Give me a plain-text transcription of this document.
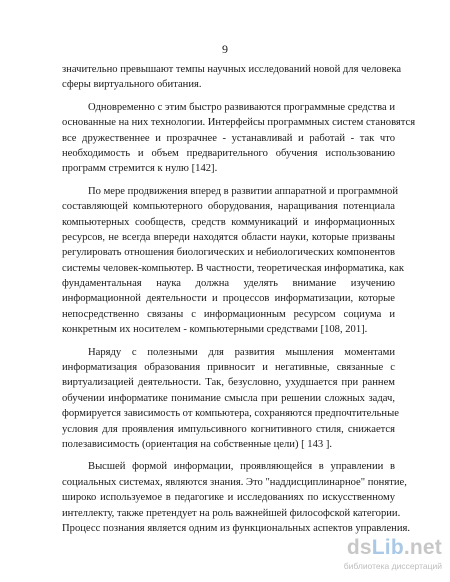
9
значительно превышают темпы научных исследований новой для человека
сферы виртуального обитания.
Одновременно с этим быстро развиваются программные средства и
основанные на них технологии. Интерфейсы программных систем становятся
все дружественнее и прозрачнее - устанавливай и работай - так что
необходимость и объем предварительного обучения использованию
программ стремится к нулю [142].
По мере продвижения вперед в развитии аппаратной и программной
составляющей компьютерного оборудования, наращивания потенциала
компьютерных сообществ, средств коммуникаций и информационных
ресурсов, не всегда впереди находятся области науки, которые призваны
регулировать отношения биологических и небиологических компонентов
системы человек-компьютер. В частности, теоретическая информатика, как
фундаментальная наука должна уделять внимание изучению
информационной деятельности и процессов информатизации, которые
непосредственно связаны с информационным ресурсом социума и
конкретным их носителем - компьютерными средствами [108, 201].
Наряду с полезными для развития мышления моментами
информатизация образования привносит и негативные, связанные с
виртуализацией деятельности. Так, безусловно, ухудшается при раннем
обучении информатике понимание смысла при решении сложных задач,
формируется зависимость от компьютера, сохраняются предпочтительные
условия для проявления импульсивного когнитивного стиля, снижается
полезависимость (ориентация на собственные цели) [ 143 ].
Высшей формой информации, проявляющейся в управлении в
социальных системах, являются знания. Это "наддисциплинарное" понятие,
широко используемое в педагогике и исследованиях по искусственному
интеллекту, также претендует на роль важнейшей философской категории.
Процесс познания является одним из функциональных аспектов управления.
dsLib.net
библиотека диссертаций
